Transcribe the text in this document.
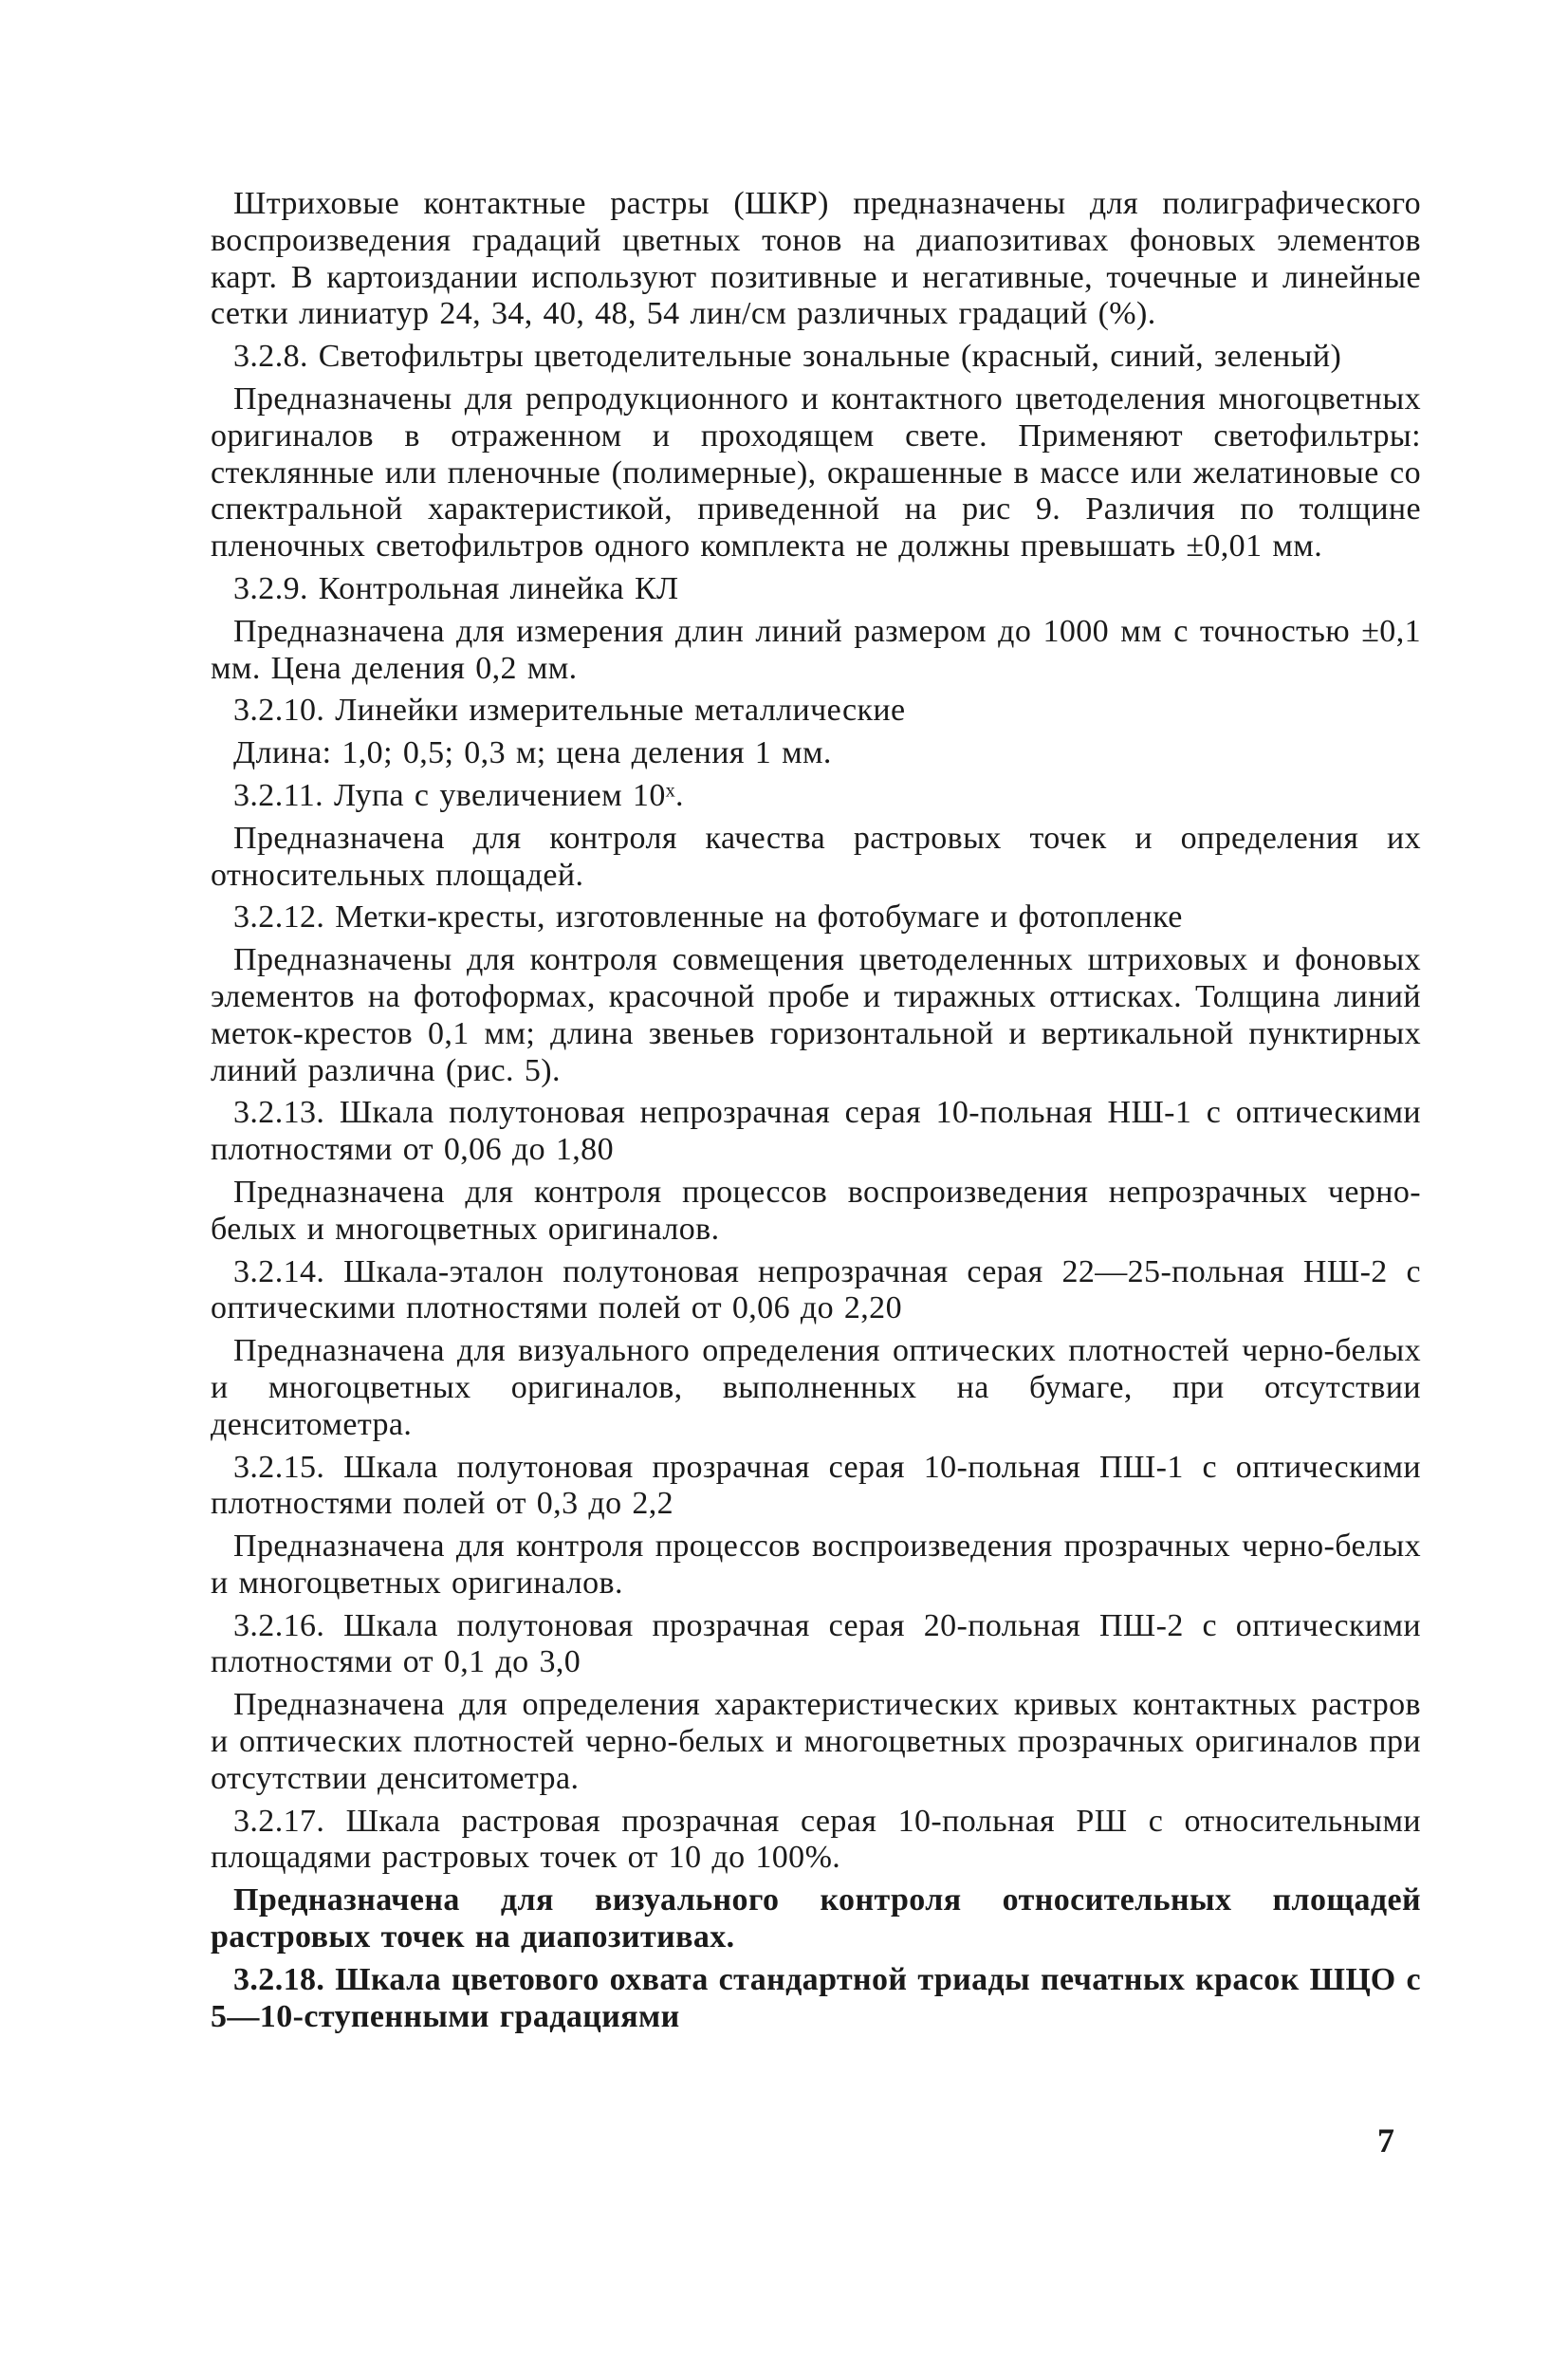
Штриховые контактные растры (ШКР) предназначены для полиграфического воспроизведения градаций цветных тонов на диапозитивах фоновых элементов карт. В картоиздании используют позитивные и негативные, точечные и линейные сетки линиатур 24, 34, 40, 48, 54 лин/см различных градаций (%).

3.2.8. Светофильтры цветоделительные зональные (красный, синий, зеленый)

Предназначены для репродукционного и контактного цветоделения многоцветных оригиналов в отраженном и проходящем свете. Применяют светофильтры: стеклянные или пленочные (полимерные), окрашенные в массе или желатиновые со спектральной характеристикой, приведенной на рис 9. Различия по толщине пленочных светофильтров одного комплекта не должны превышать ±0,01 мм.

3.2.9. Контрольная линейка КЛ

Предназначена для измерения длин линий размером до 1000 мм с точностью ±0,1 мм. Цена деления 0,2 мм.

3.2.10. Линейки измерительные металлические

Длина: 1,0; 0,5; 0,3 м; цена деления 1 мм.

3.2.11. Лупа с увеличением 10ˣ.

Предназначена для контроля качества растровых точек и определения их относительных площадей.

3.2.12. Метки-кресты, изготовленные на фотобумаге и фотопленке

Предназначены для контроля совмещения цветоделенных штриховых и фоновых элементов на фотоформах, красочной пробе и тиражных оттисках. Толщина линий меток-крестов 0,1 мм; длина звеньев горизонтальной и вертикальной пунктирных линий различна (рис. 5).

3.2.13. Шкала полутоновая непрозрачная серая 10-польная НШ-1 с оптическими плотностями от 0,06 до 1,80

Предназначена для контроля процессов воспроизведения непрозрачных черно-белых и многоцветных оригиналов.

3.2.14. Шкала-эталон полутоновая непрозрачная серая 22—25-польная НШ-2 с оптическими плотностями полей от 0,06 до 2,20

Предназначена для визуального определения оптических плотностей черно-белых и многоцветных оригиналов, выполненных на бумаге, при отсутствии денситометра.

3.2.15. Шкала полутоновая прозрачная серая 10-польная ПШ-1 с оптическими плотностями полей от 0,3 до 2,2

Предназначена для контроля процессов воспроизведения прозрачных черно-белых и многоцветных оригиналов.

3.2.16. Шкала полутоновая прозрачная серая 20-польная ПШ-2 с оптическими плотностями от 0,1 до 3,0

Предназначена для определения характеристических кривых контактных растров и оптических плотностей черно-белых и многоцветных прозрачных оригиналов при отсутствии денситометра.

3.2.17. Шкала растровая прозрачная серая 10-польная РШ с относительными площадями растровых точек от 10 до 100%.

Предназначена для визуального контроля относительных площадей растровых точек на диапозитивах.

3.2.18. Шкала цветового охвата стандартной триады печатных красок ШЦО с 5—10-ступенными градациями

7
